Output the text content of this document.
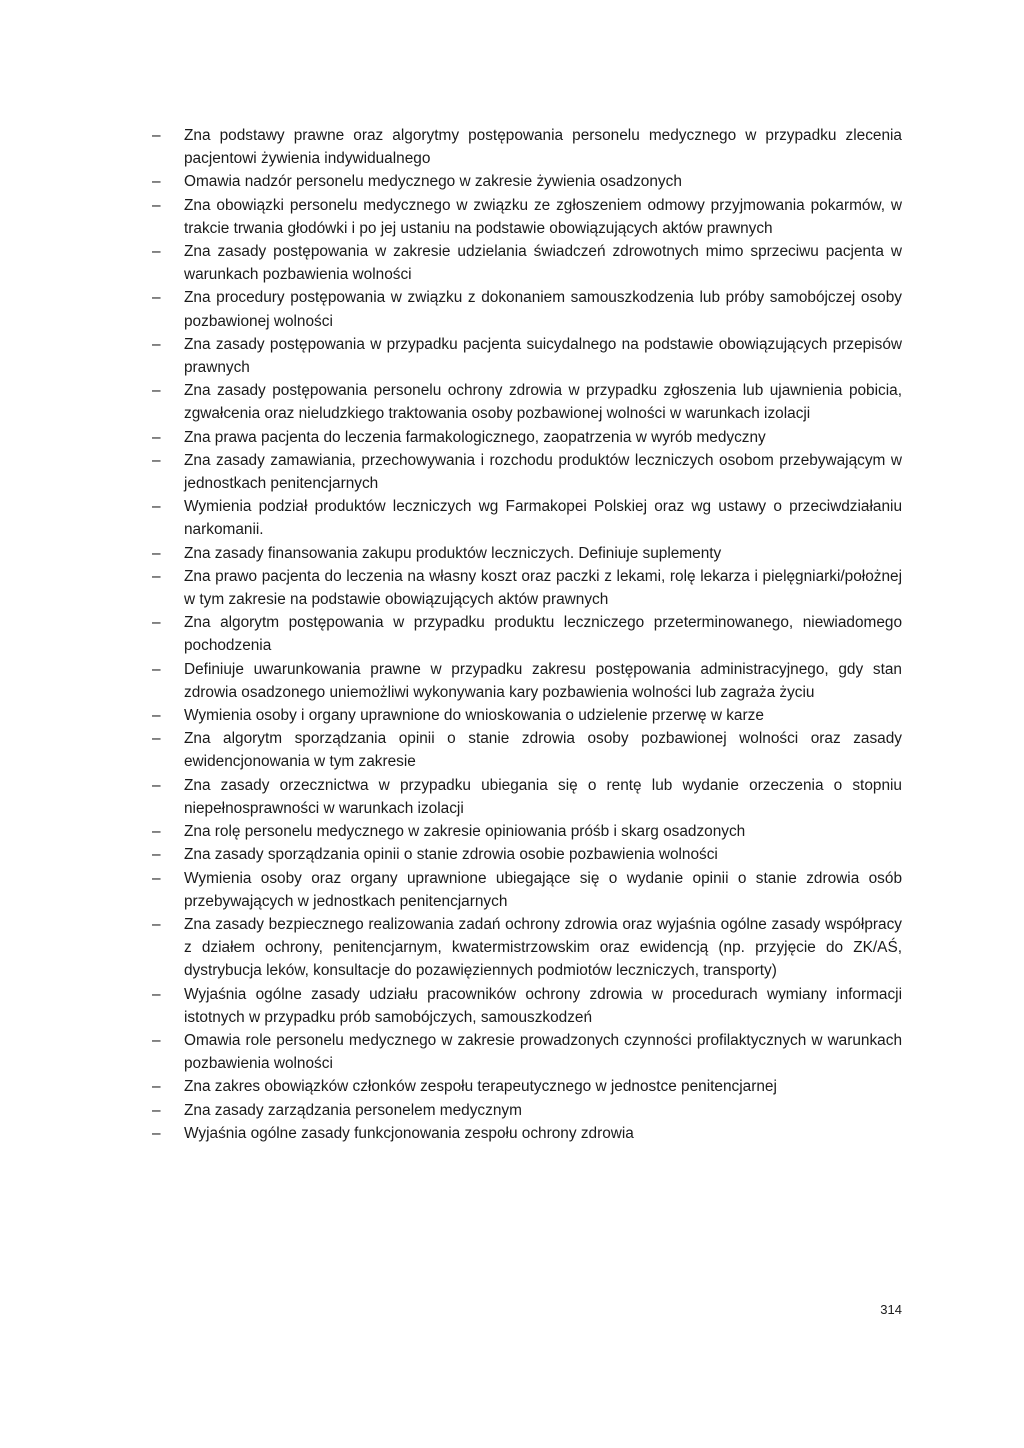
–	Zna podstawy prawne oraz algorytmy postępowania personelu medycznego w przypadku zlecenia pacjentowi żywienia indywidualnego
–	Omawia nadzór personelu medycznego w zakresie żywienia osadzonych
–	Zna obowiązki personelu medycznego w związku ze zgłoszeniem odmowy przyjmowania pokarmów, w trakcie trwania głodówki i po jej ustaniu na podstawie obowiązujących aktów prawnych
–	Zna zasady postępowania w zakresie udzielania świadczeń zdrowotnych mimo sprzeciwu pacjenta w warunkach pozbawienia wolności
–	Zna procedury postępowania w związku z dokonaniem samouszkodzenia lub próby samobójczej osoby pozbawionej wolności
–	Zna zasady postępowania w przypadku pacjenta suicydalnego na podstawie obowiązujących przepisów prawnych
–	Zna zasady postępowania personelu ochrony zdrowia w przypadku zgłoszenia lub ujawnienia pobicia, zgwałcenia oraz nieludzkiego traktowania osoby pozbawionej wolności w warunkach izolacji
–	Zna prawa pacjenta do leczenia farmakologicznego, zaopatrzenia w wyrób medyczny
–	Zna zasady zamawiania, przechowywania i rozchodu produktów leczniczych osobom przebywającym w jednostkach penitencjarnych
–	Wymienia podział produktów leczniczych wg Farmakopei Polskiej oraz wg ustawy o przeciwdziałaniu narkomanii.
–	Zna zasady finansowania zakupu produktów leczniczych. Definiuje suplementy
–	Zna prawo pacjenta do leczenia na własny koszt oraz paczki z lekami, rolę lekarza i pielęgniarki/położnej w tym zakresie na podstawie obowiązujących aktów prawnych
–	Zna algorytm postępowania w przypadku produktu leczniczego przeterminowanego, niewiadomego pochodzenia
–	Definiuje uwarunkowania prawne w przypadku zakresu postępowania administracyjnego, gdy stan zdrowia osadzonego uniemożliwi wykonywania kary pozbawienia wolności lub zagraża życiu
–	Wymienia osoby i organy uprawnione do wnioskowania o udzielenie przerwę w karze
–	Zna algorytm sporządzania opinii o stanie zdrowia osoby pozbawionej wolności oraz zasady ewidencjonowania w tym zakresie
–	Zna zasady orzecznictwa w przypadku ubiegania się o rentę lub wydanie orzeczenia o stopniu niepełnosprawności w warunkach izolacji
–	Zna rolę personelu medycznego w zakresie opiniowania próśb i skarg osadzonych
–	Zna zasady sporządzania opinii o stanie zdrowia osobie pozbawienia wolności
–	Wymienia osoby oraz organy uprawnione ubiegające się o wydanie opinii o stanie zdrowia osób przebywających w jednostkach penitencjarnych
–	Zna zasady bezpiecznego realizowania zadań ochrony zdrowia oraz wyjaśnia ogólne zasady współpracy z działem ochrony, penitencjarnym, kwatermistrzowskim oraz ewidencją (np. przyjęcie do ZK/AŚ, dystrybucja leków, konsultacje do pozawięziennych podmiotów leczniczych, transporty)
–	Wyjaśnia ogólne zasady udziału pracowników ochrony zdrowia w procedurach wymiany informacji istotnych w przypadku prób samobójczych, samouszkodzeń
–	Omawia role personelu medycznego w zakresie prowadzonych czynności profilaktycznych w warunkach pozbawienia wolności
–	Zna zakres obowiązków członków zespołu terapeutycznego w jednostce penitencjarnej
–	Zna zasady zarządzania personelem medycznym
–	Wyjaśnia ogólne zasady funkcjonowania zespołu ochrony zdrowia
314
